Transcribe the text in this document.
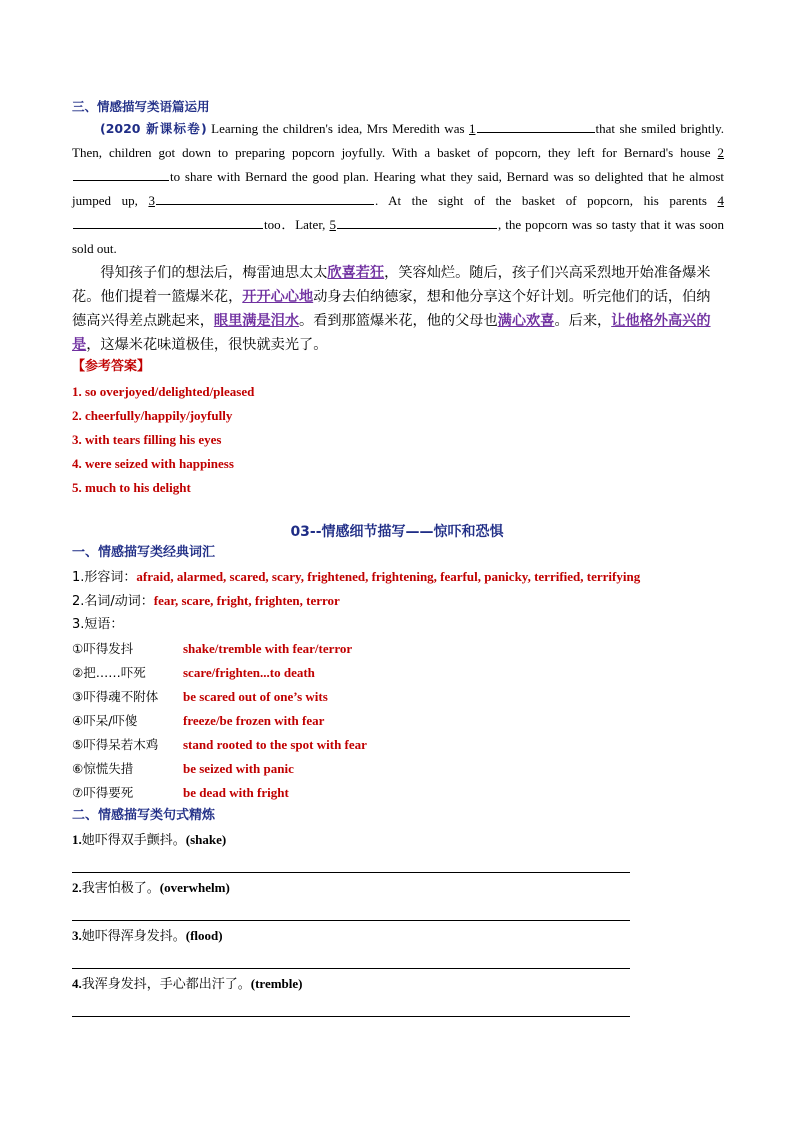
三、情感描写类语篇运用
(2020 新课标卷) Learning the children's idea, Mrs Meredith was 1	that she smiled brightly. Then, children got down to preparing popcorn joyfully. With a basket of popcorn, they left for Bernard's house 2to share with Bernard the good plan. Hearing what they said, Bernard was so delighted that he almost jumped up, 3	. At the sight of the basket of popcorn, his parents 4too．Later, 5	, the popcorn was so tasty that it was soon sold out.
得知孩子们的想法后，梅雷迪思太太欣喜若狂，笑容灿烂。随后，孩子们兴高采烈地开始准备爆米花。他们提着一篮爆米花，开开心心地动身去伯纳德家，想和他分享这个好计划。听完他们的话，伯纳德高兴得差点跳起来，眼里满是泪水。看到那篮爆米花，他的父母也满心欢喜。后来，让他格外高兴的是，这爆米花味道极佳，很快就卖光了。
【参考答案】
1. so overjoyed/delighted/pleased
2. cheerfully/happily/joyfully
3. with tears filling his eyes
4. were seized with happiness
5. much to his delight
03--情感细节描写——惊吓和恐惧
一、情感描写类经典词汇
1.形容词：afraid, alarmed, scared, scary, frightened, frightening, fearful, panicky, terrified, terrifying
2.名词/动词：fear, scare, fright, frighten, terror
3.短语：
①吓得发抖	shake/tremble with fear/terror
②把……吓死	scare/frighten...to death
③吓得魂不附体 be scared out of one’s wits
④吓呆/吓傻	freeze/be frozen with fear
⑤吓得呆若木鸡 stand rooted to the spot with fear
⑥惊慌失措	be seized with panic
⑦吓得要死	be dead with fright
二、情感描写类句式精炼
1.她吓得双手颤抖。(shake)
2.我害怕极了。(overwhelm)
3.她吓得浑身发抖。(flood)
4.我浑身发抖，手心都出汗了。(tremble)
